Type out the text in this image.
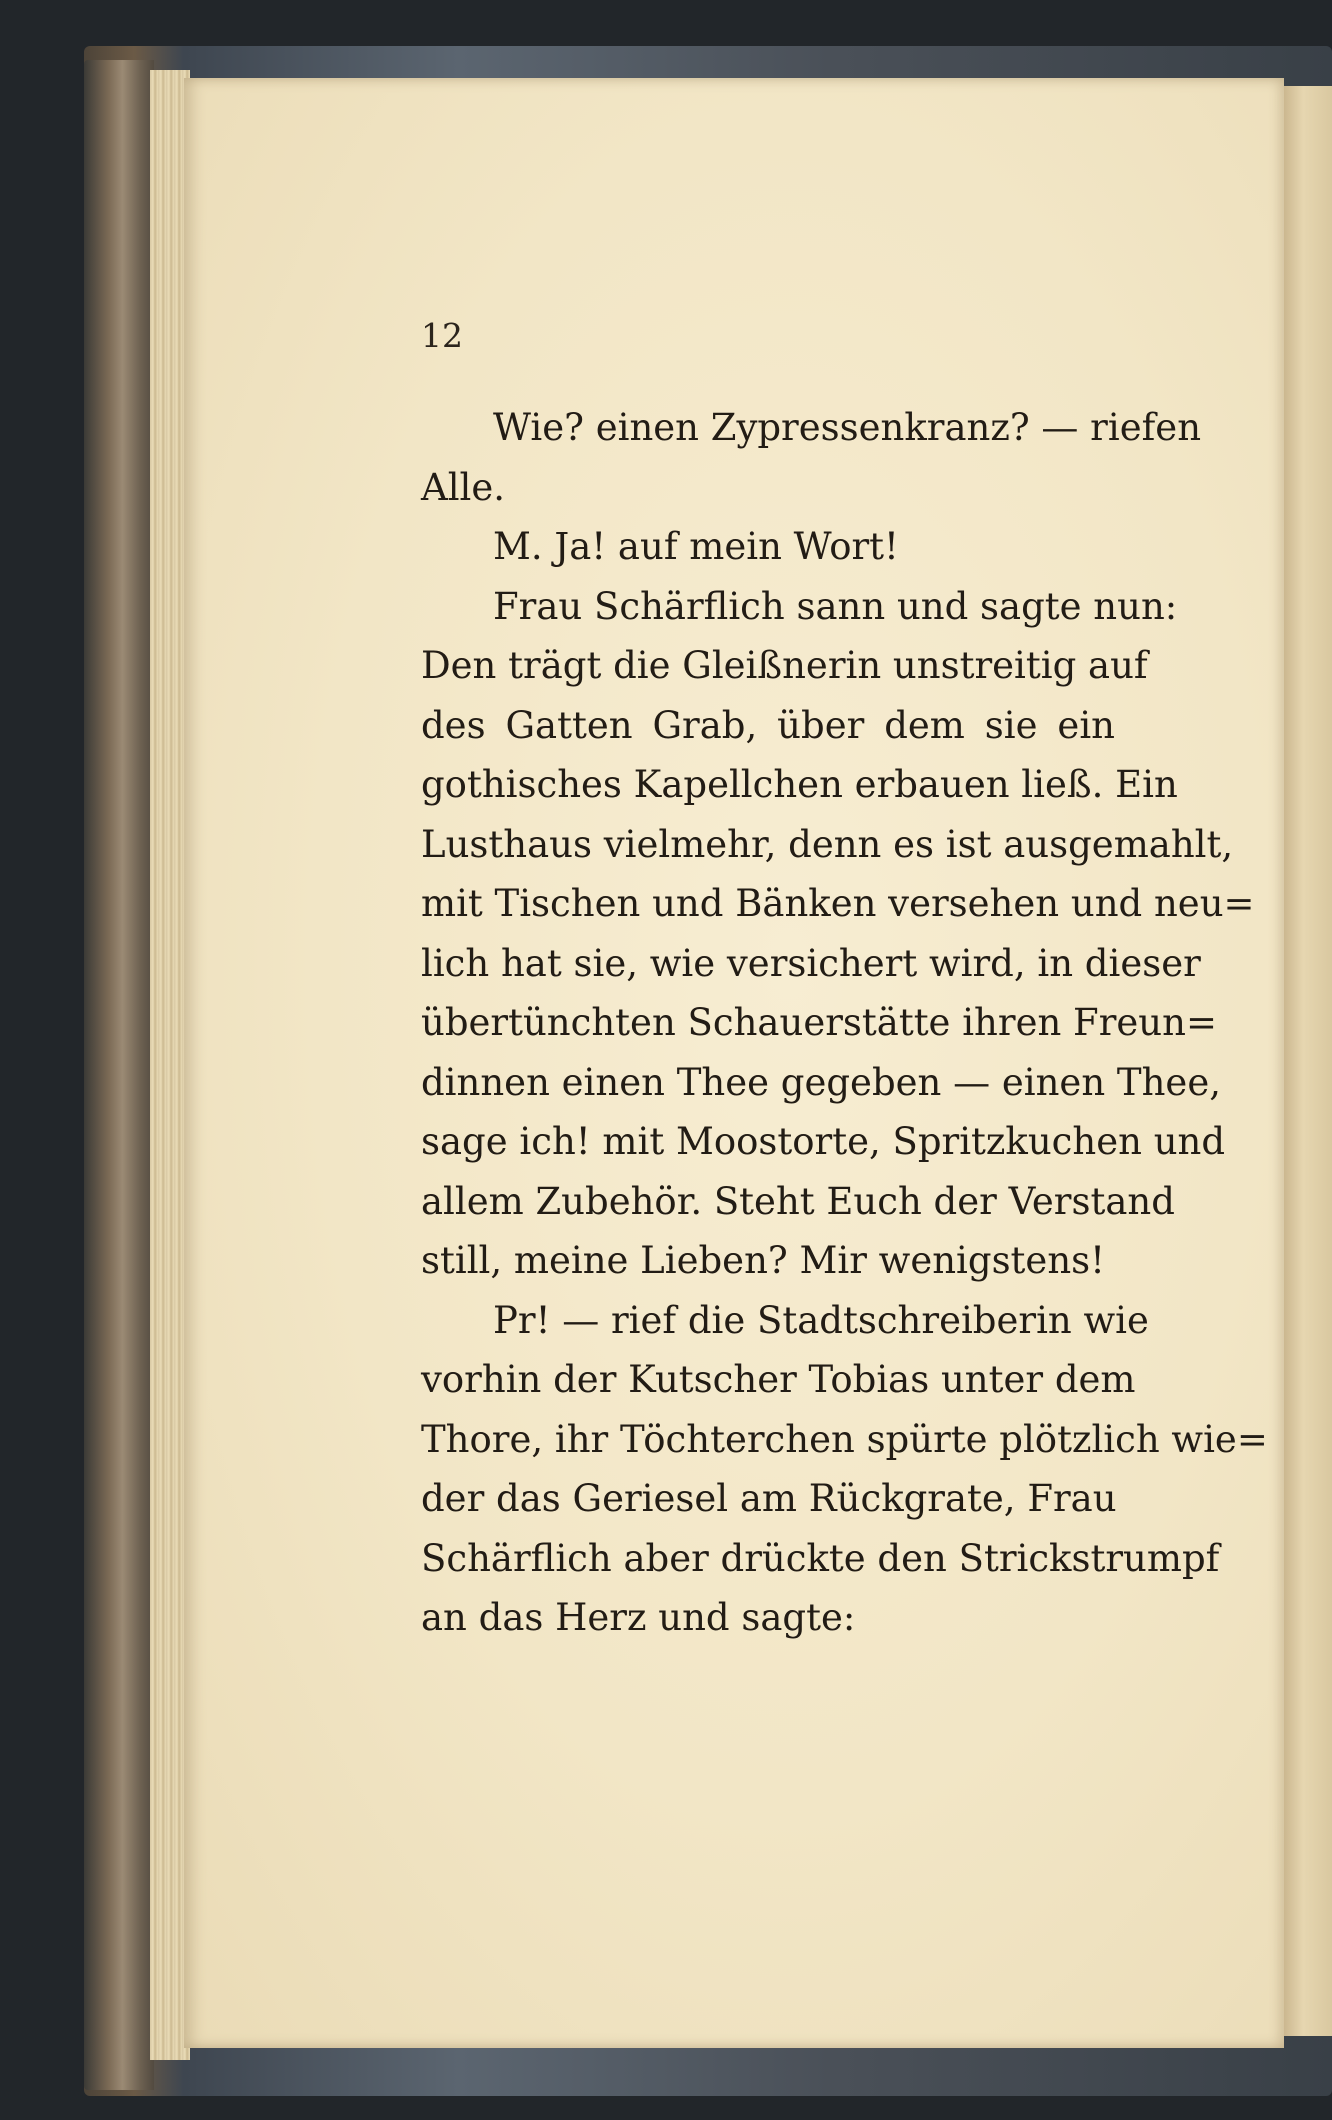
12
Wie? einen Zypressenkranz? — riefen
Alle.
M. Ja! auf mein Wort!
Frau Schärflich sann und sagte nun:
Den trägt die Gleißnerin unstreitig auf
des Gatten Grab, über dem sie ein
gothisches Kapellchen erbauen ließ. Ein
Lusthaus vielmehr, denn es ist ausgemahlt,
mit Tischen und Bänken versehen und neu=
lich hat sie, wie versichert wird, in dieser
übertünchten Schauerstätte ihren Freun=
dinnen einen Thee gegeben — einen Thee,
sage ich! mit Moostorte, Spritzkuchen und
allem Zubehör. Steht Euch der Verstand
still, meine Lieben? Mir wenigstens!
Pr! — rief die Stadtschreiberin wie
vorhin der Kutscher Tobias unter dem
Thore, ihr Töchterchen spürte plötzlich wie=
der das Geriesel am Rückgrate, Frau
Schärflich aber drückte den Strickstrumpf
an das Herz und sagte:
